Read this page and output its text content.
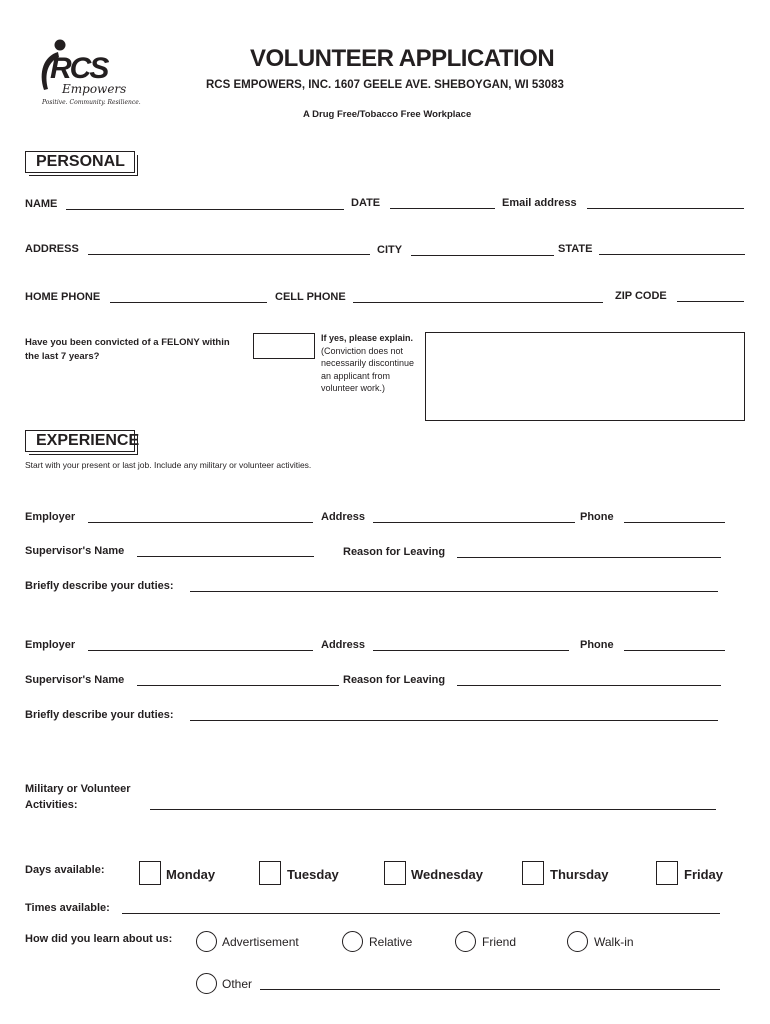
RCS
Empowers
Positive. Community. Resilience.
VOLUNTEER APPLICATION
RCS EMPOWERS, INC. 1607 GEELE AVE. SHEBOYGAN, WI 53083
A Drug Free/Tobacco Free Workplace
PERSONAL
NAME	DATE	Email address
ADDRESS	CITY	STATE
HOME PHONE	CELL PHONE	ZIP CODE
Have you been convicted of a FELONY within
the last 7 years?
If yes, please explain.
(Conviction does not
necessarily discontinue
an applicant from
volunteer work.)
EXPERIENCE
Start with your present or last job. Include any military or volunteer activities.
Employer	Address	Phone
Supervisor's Name	Reason for Leaving
Briefly describe your duties:
Employer	Address	Phone
Supervisor's Name	Reason for Leaving
Briefly describe your duties:
Military or Volunteer
Activities:
Days available:	Monday	Tuesday	Wednesday	Thursday	Friday
Times available:
How did you learn about us:	Advertisement	Relative	Friend	Walk-in
Other
